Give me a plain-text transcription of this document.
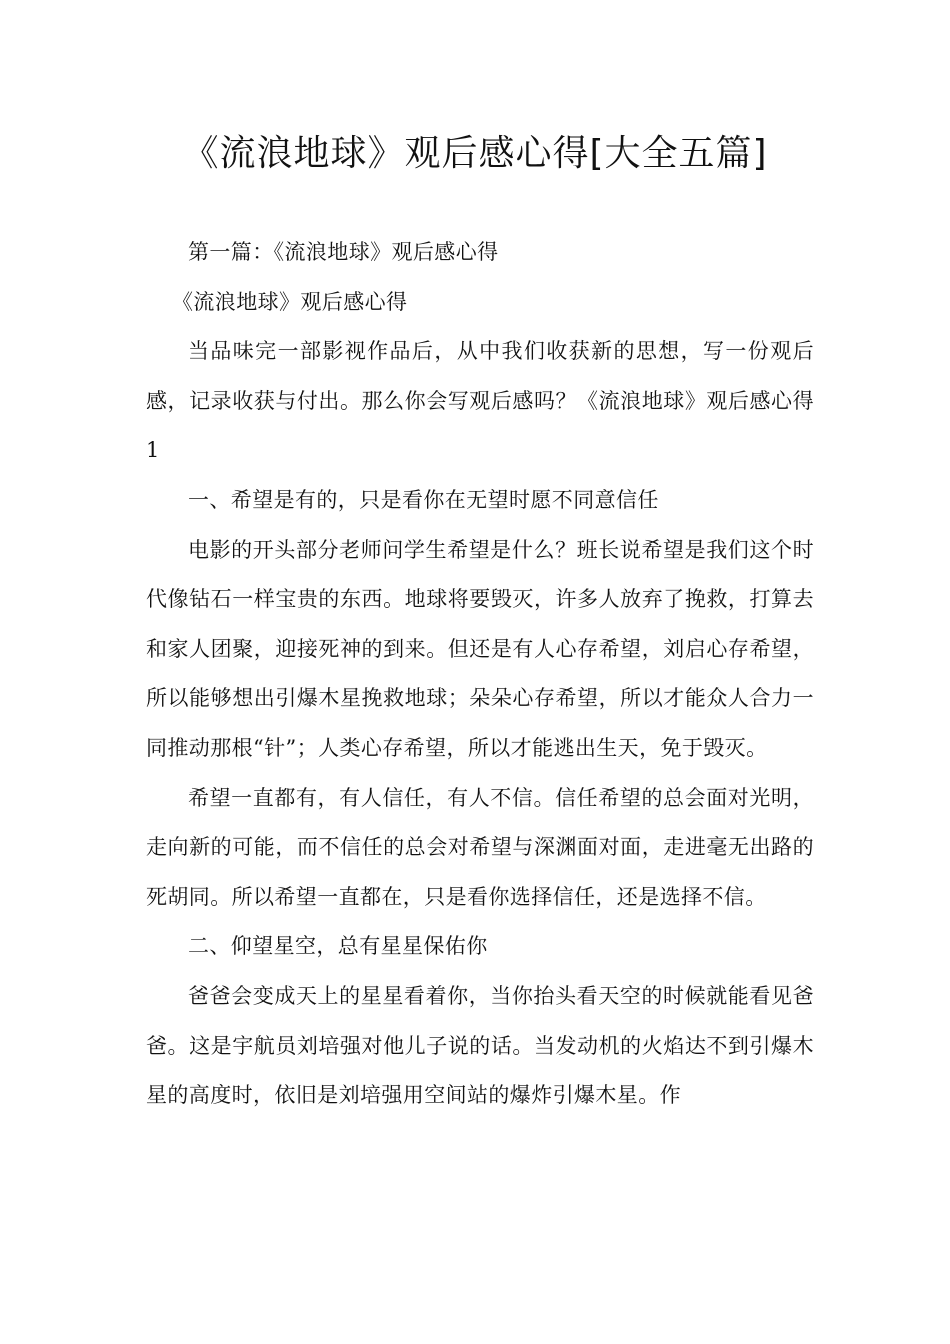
《流浪地球》观后感心得[大全五篇]

第一篇：《流浪地球》观后感心得

《流浪地球》观后感心得

当品味完一部影视作品后，从中我们收获新的思想，写一份观后感，记录收获与付出。那么你会写观后感吗？《流浪地球》观后感心得1

一、希望是有的，只是看你在无望时愿不同意信任

电影的开头部分老师问学生希望是什么？班长说希望是我们这个时代像钻石一样宝贵的东西。地球将要毁灭，许多人放弃了挽救，打算去和家人团聚，迎接死神的到来。但还是有人心存希望，刘启心存希望，所以能够想出引爆木星挽救地球；朵朵心存希望，所以才能众人合力一同推动那根“针”；人类心存希望，所以才能逃出生天，免于毁灭。

希望一直都有，有人信任，有人不信。信任希望的总会面对光明，走向新的可能，而不信任的总会对希望与深渊面对面，走进毫无出路的死胡同。所以希望一直都在，只是看你选择信任，还是选择不信。

二、仰望星空，总有星星保佑你

爸爸会变成天上的星星看着你，当你抬头看天空的时候就能看见爸爸。这是宇航员刘培强对他儿子说的话。当发动机的火焰达不到引爆木星的高度时，依旧是刘培强用空间站的爆炸引爆木星。作
